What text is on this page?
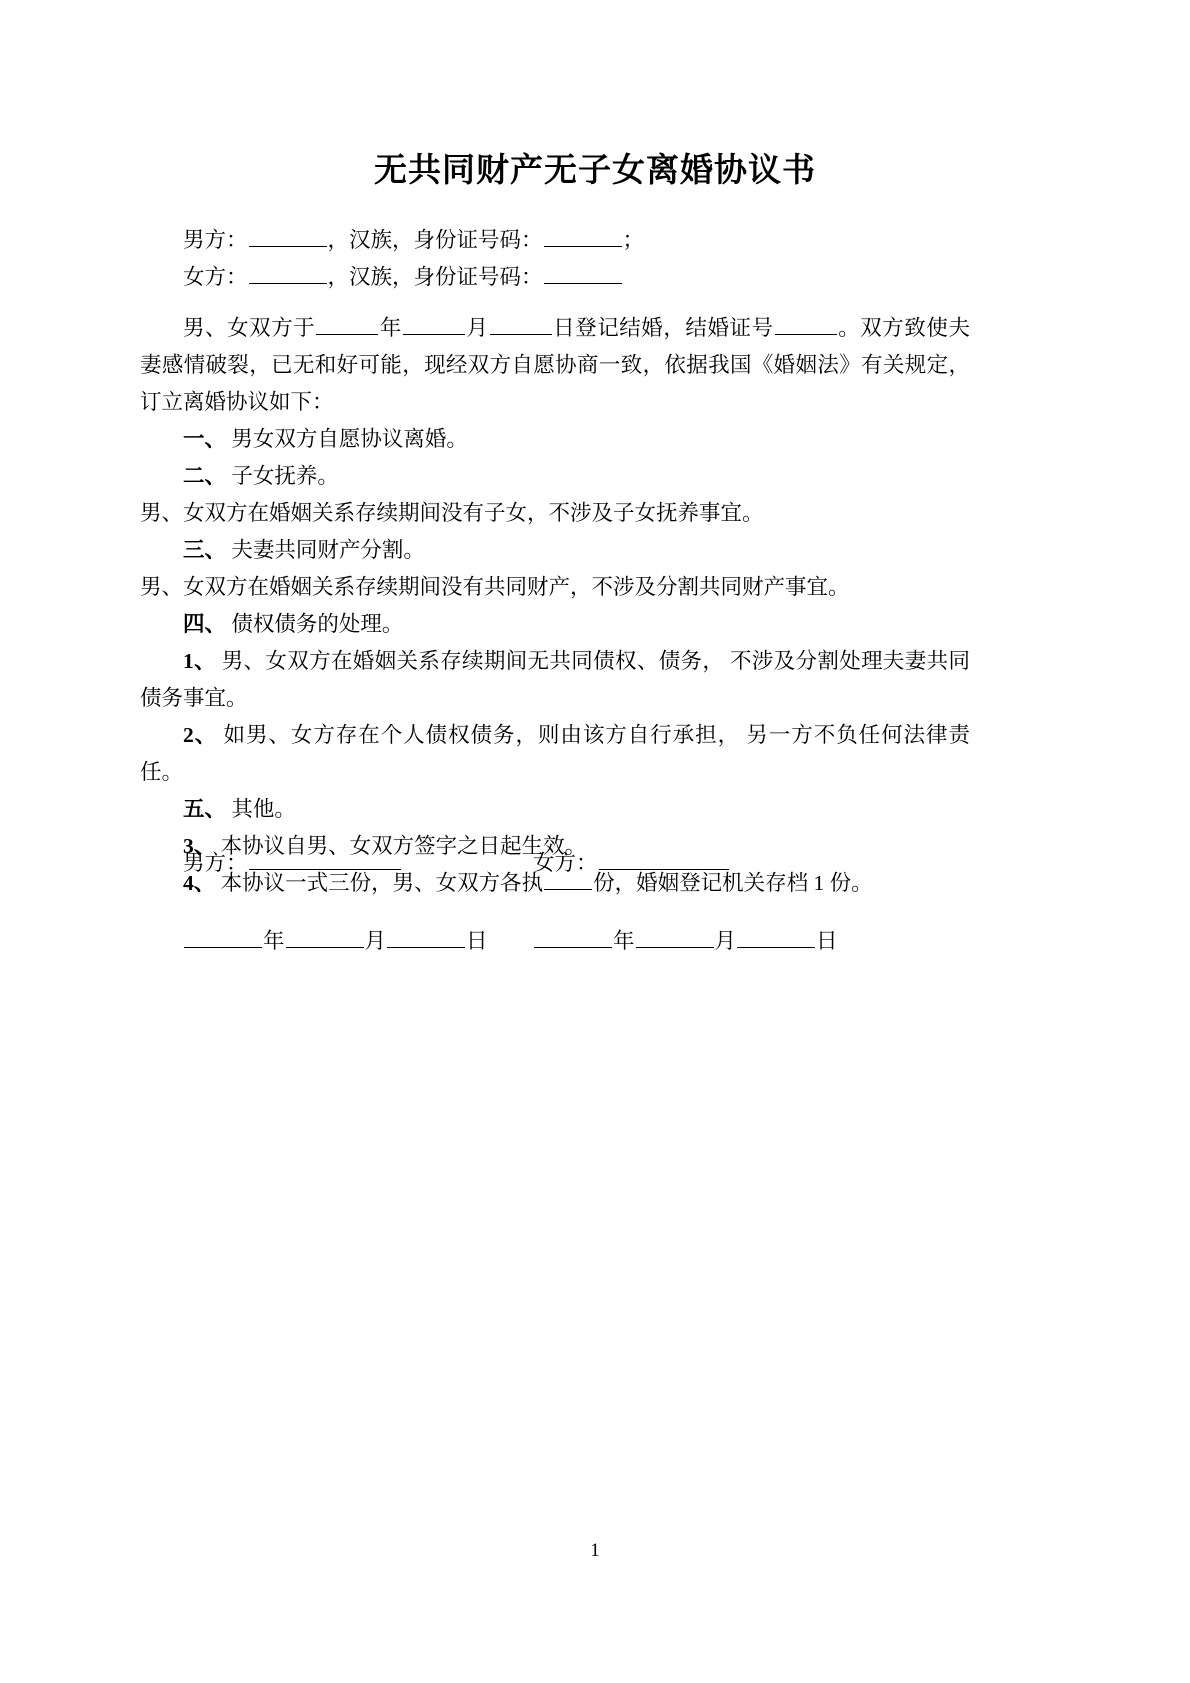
无共同财产无子女离婚协议书

男方：	，汉族，身份证号码：	；

女方：	，汉族，身份证号码：

男、女双方于	年	月	日登记结婚，结婚证号	。双方致使夫妻感情破裂，已无和好可能，现经双方自愿协商一致，依据我国《婚姻法》有关规定，订立离婚协议如下：

一、 男女双方自愿协议离婚。

二、 子女抚养。

男、女双方在婚姻关系存续期间没有子女，不涉及子女抚养事宜。

三、 夫妻共同财产分割。

男、女双方在婚姻关系存续期间没有共同财产，不涉及分割共同财产事宜。

四、 债权债务的处理。

1、 男、女双方在婚姻关系存续期间无共同债权、债务， 不涉及分割处理夫妻共同债务事宜。

2、 如男、女方存在个人债权债务，则由该方自行承担， 另一方不负任何法律责任。

五、 其他。

3、 本协议自男、女双方签字之日起生效。

4、 本协议一式三份，男、女双方各执 份，婚姻登记机关存档 1 份。

男方：	女方：
年	月	日	年	月	日
1
